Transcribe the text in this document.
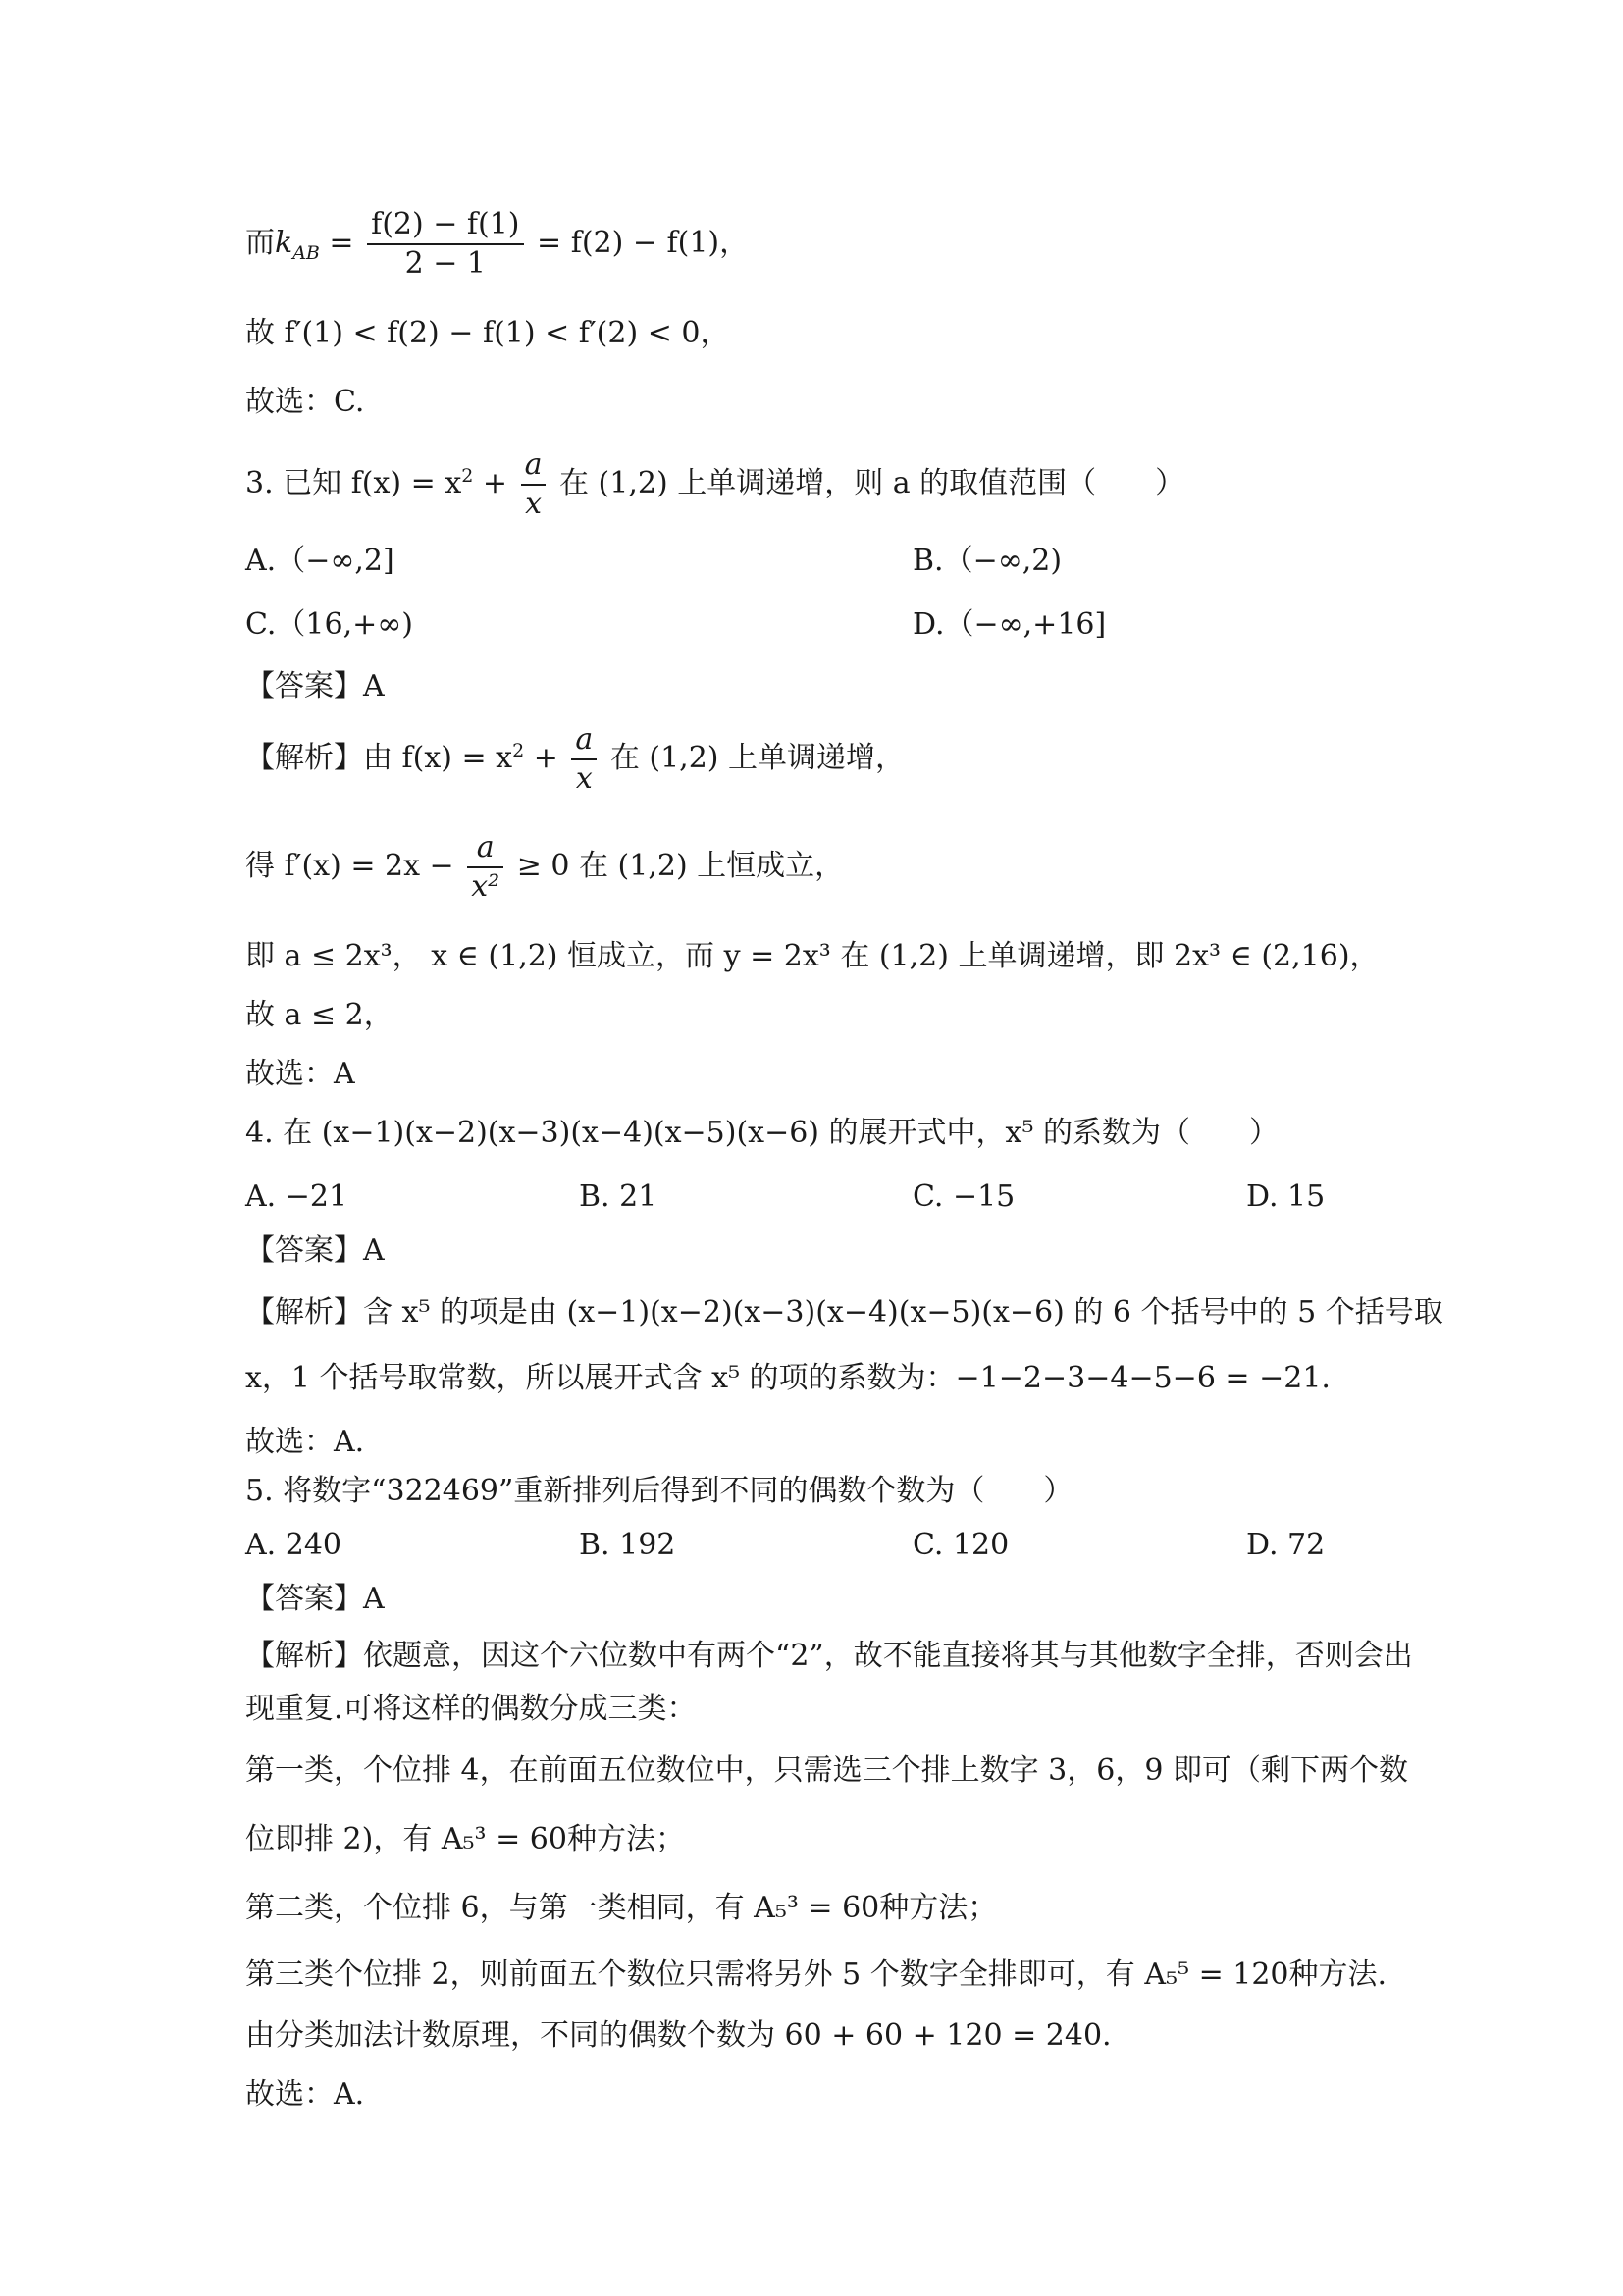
而$k_{AB} = \frac{f(2) - f(1)}{2 - 1} = f(2) - f(1)$，
故 f′(1) < f(2) − f(1) < f′(2) < 0，
故选：C.
3. 已知 $f(x) = x^2 + \frac{a}{x}$ 在 (1,2) 上单调递增，则 a 的取值范围（　　）
A.（−∞,2]	B.（−∞,2)
C.（16,+∞)	D.（−∞,+16]
【答案】A
【解析】由 $f(x) = x^2 + \frac{a}{x}$ 在 (1,2) 上单调递增，
得 $f'(x) = 2x - \frac{a}{\text{x²}} \ge 0$ 在 (1,2) 上恒成立，
即 a ≤ 2x³， x ∈ (1,2) 恒成立，而 y = 2x³ 在 (1,2) 上单调递增，即 2x³ ∈ (2,16)，
故 a ≤ 2，
故选：A
4. 在 (x−1)(x−2)(x−3)(x−4)(x−5)(x−6) 的展开式中，x⁵ 的系数为（　　）
A. −21	B. 21	C. −15	D. 15
【答案】A
【解析】含 x⁵ 的项是由 (x−1)(x−2)(x−3)(x−4)(x−5)(x−6) 的 6 个括号中的 5 个括号取
x，1 个括号取常数，所以展开式含 x⁵ 的项的系数为：−1−2−3−4−5−6 = −21.
故选：A.
5. 将数字“322469”重新排列后得到不同的偶数个数为（　　）
A. 240	B. 192	C. 120	D. 72
【答案】A
【解析】依题意，因这个六位数中有两个“2”，故不能直接将其与其他数字全排，否则会出
现重复.可将这样的偶数分成三类：
第一类，个位排 4，在前面五位数位中，只需选三个排上数字 3，6，9 即可（剩下两个数
位即排 2)，有 A₅³ = 60种方法；
第二类，个位排 6，与第一类相同，有 A₅³ = 60种方法；
第三类个位排 2，则前面五个数位只需将另外 5 个数字全排即可，有 A₅⁵ = 120种方法.
由分类加法计数原理，不同的偶数个数为 60 + 60 + 120 = 240.
故选：A.
